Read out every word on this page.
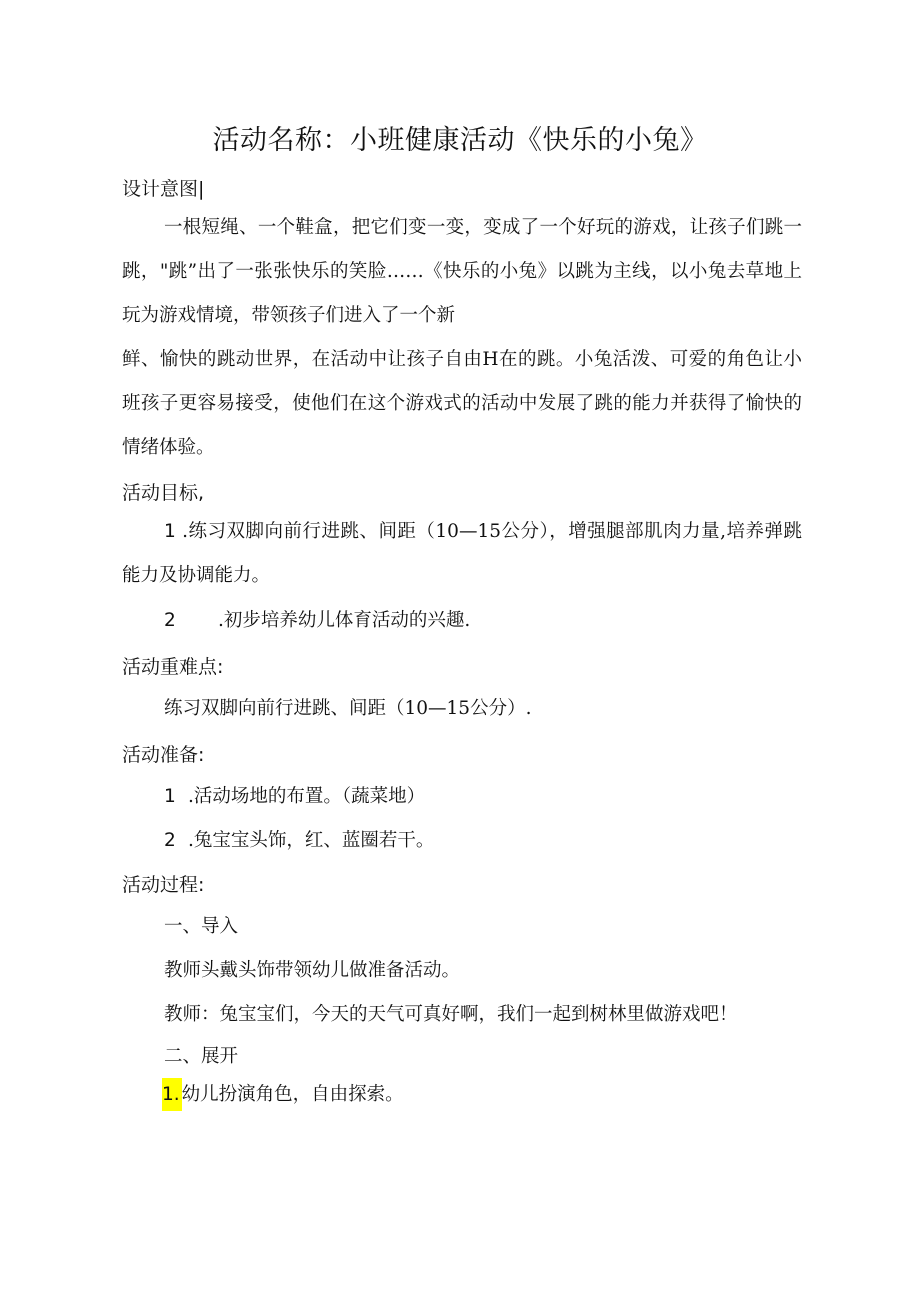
活动名称：小班健康活动《快乐的小兔》
设计意图|

一根短绳、一个鞋盒，把它们变一变，变成了一个好玩的游戏，让孩子们跳一跳，"跳”出了一张张快乐的笑脸……《快乐的小兔》以跳为主线，以小兔去草地上玩为游戏情境，带领孩子们进入了一个新

鲜、愉快的跳动世界，在活动中让孩子自由H在的跳。小兔活泼、可爱的角色让小班孩子更容易接受，使他们在这个游戏式的活动中发展了跳的能力并获得了愉快的情绪体验。

活动目标,

1 .练习双脚向前行进跳、间距（10—15公分），增强腿部肌肉力量,培养弹跳能力及协调能力。

2 .初步培养幼儿体育活动的兴趣.
活动重难点:
练习双脚向前行进跳、间距（10—15公分）.
活动准备:
1 .活动场地的布置。（蔬菜地）
2 .兔宝宝头饰，红、蓝圈若干。
活动过程:
一、导入
教师头戴头饰带领幼儿做准备活动。
教师：兔宝宝们，今天的天气可真好啊，我们一起到树林里做游戏吧！
二、展开
1. 幼儿扮演角色，自由探索。
